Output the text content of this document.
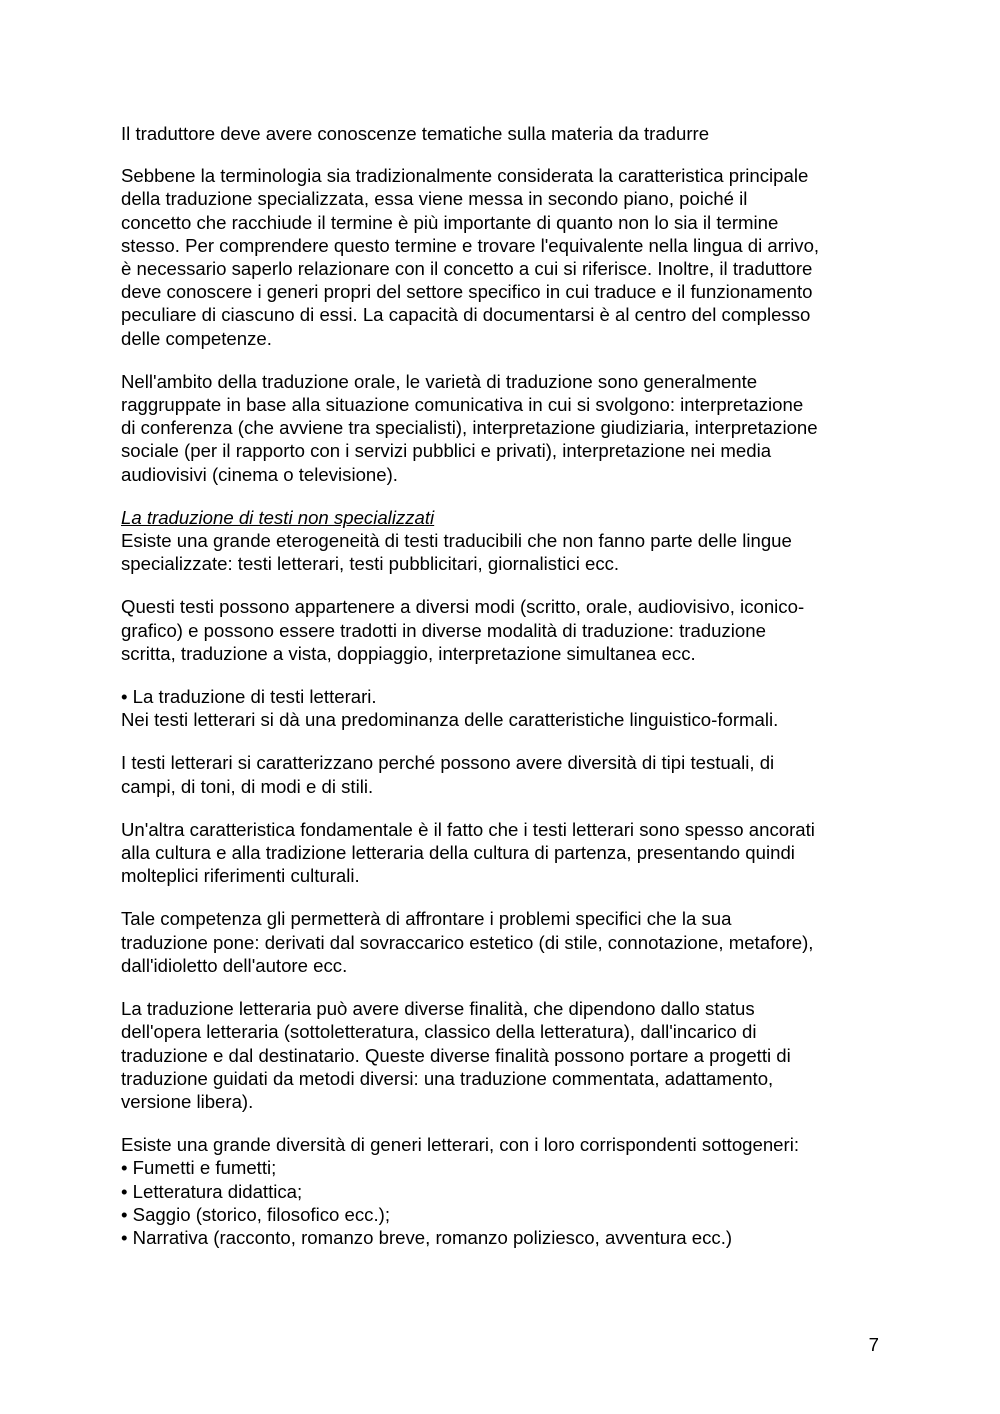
Il traduttore deve avere conoscenze tematiche sulla materia da tradurre

Sebbene la terminologia sia tradizionalmente considerata la caratteristica principale
della traduzione specializzata, essa viene messa in secondo piano, poiché il
concetto che racchiude il termine è più importante di quanto non lo sia il termine
stesso. Per comprendere questo termine e trovare l'equivalente nella lingua di arrivo,
è necessario saperlo relazionare con il concetto a cui si riferisce. Inoltre, il traduttore
deve conoscere i generi propri del settore specifico in cui traduce e il funzionamento
peculiare di ciascuno di essi. La capacità di documentarsi è al centro del complesso
delle competenze.

Nell'ambito della traduzione orale, le varietà di traduzione sono generalmente
raggruppate in base alla situazione comunicativa in cui si svolgono: interpretazione
di conferenza (che avviene tra specialisti), interpretazione giudiziaria, interpretazione
sociale (per il rapporto con i servizi pubblici e privati), interpretazione nei media
audiovisivi (cinema o televisione).

La traduzione di testi non specializzati
Esiste una grande eterogeneità di testi traducibili che non fanno parte delle lingue
specializzate: testi letterari, testi pubblicitari, giornalistici ecc.

Questi testi possono appartenere a diversi modi (scritto, orale, audiovisivo, iconico-
grafico) e possono essere tradotti in diverse modalità di traduzione: traduzione
scritta, traduzione a vista, doppiaggio, interpretazione simultanea ecc.

• La traduzione di testi letterari.
Nei testi letterari si dà una predominanza delle caratteristiche linguistico-formali.

I testi letterari si caratterizzano perché possono avere diversità di tipi testuali, di
campi, di toni, di modi e di stili.

Un'altra caratteristica fondamentale è il fatto che i testi letterari sono spesso ancorati
alla cultura e alla tradizione letteraria della cultura di partenza, presentando quindi
molteplici riferimenti culturali.

Tale competenza gli permetterà di affrontare i problemi specifici che la sua
traduzione pone: derivati dal sovraccarico estetico (di stile, connotazione, metafore),
dall'idioletto dell'autore ecc.

La traduzione letteraria può avere diverse finalità, che dipendono dallo status
dell'opera letteraria (sottoletteratura, classico della letteratura), dall'incarico di
traduzione e dal destinatario. Queste diverse finalità possono portare a progetti di
traduzione guidati da metodi diversi: una traduzione commentata, adattamento,
versione libera).

Esiste una grande diversità di generi letterari, con i loro corrispondenti sottogeneri:
• Fumetti e fumetti;
• Letteratura didattica;
• Saggio (storico, filosofico ecc.);
• Narrativa (racconto, romanzo breve, romanzo poliziesco, avventura ecc.)

7
